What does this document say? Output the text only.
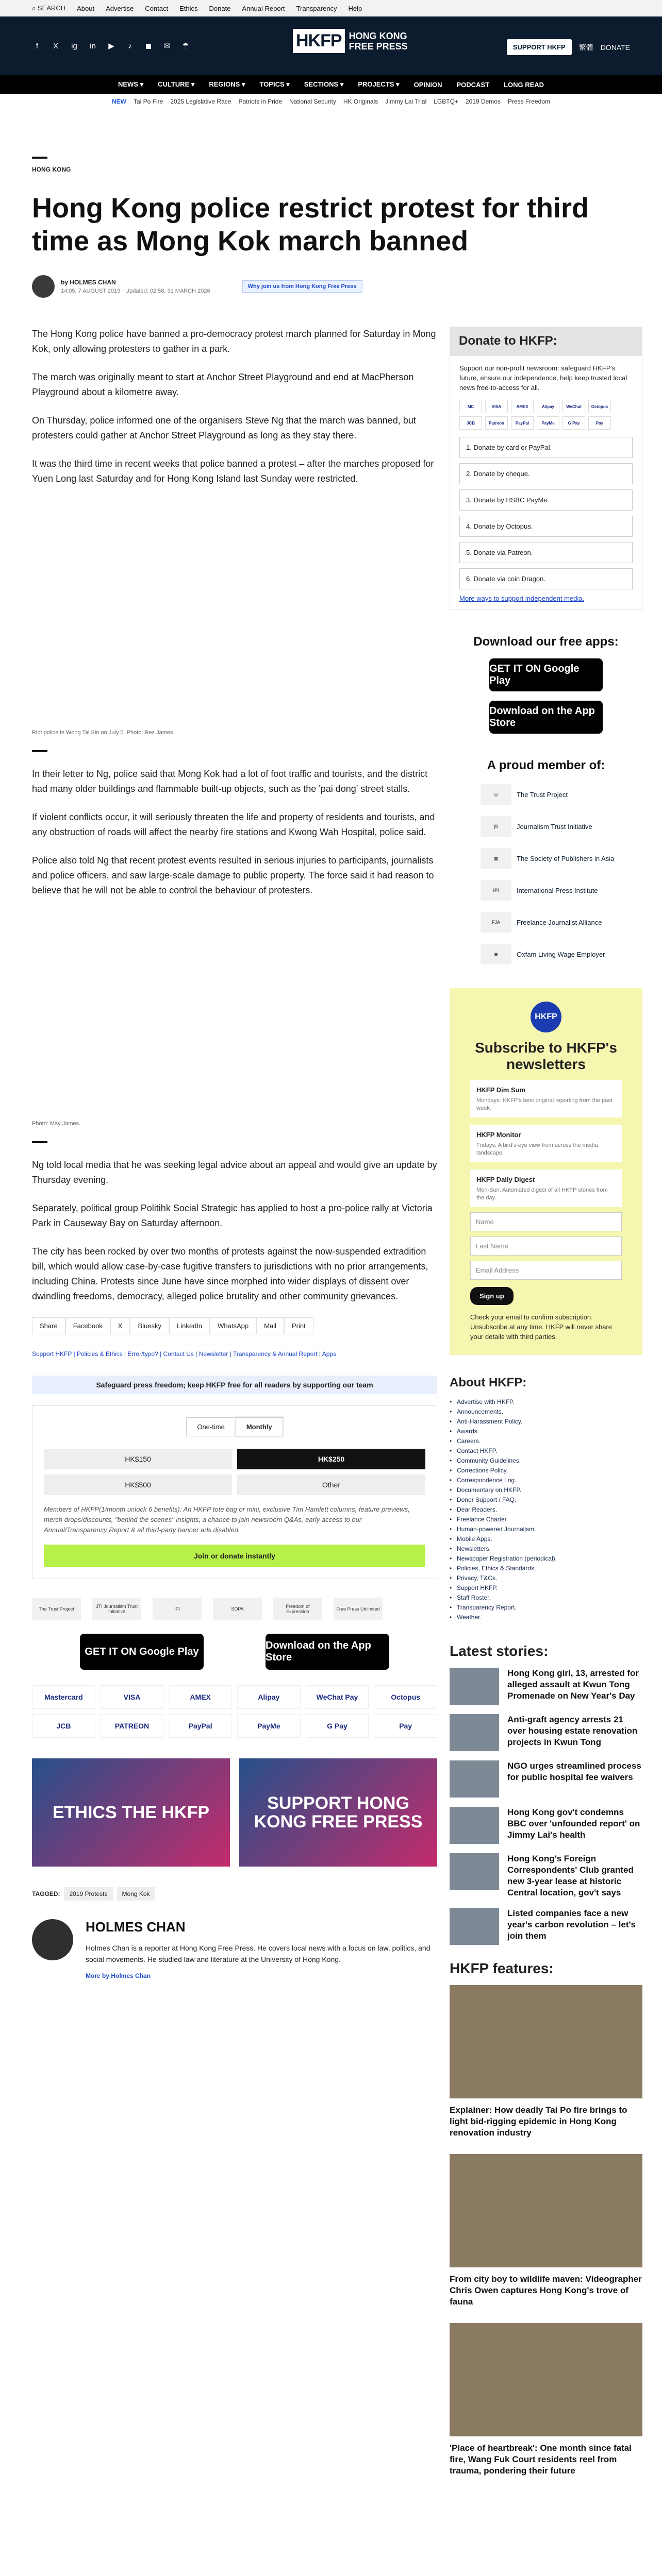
⌕ SEARCH About Advertise Contact Ethics Donate Annual Report Transparency Help
f	X	ig in ▶	♪	◼ ✉ ☂	HKFP HONG KONG
FREE PRESS	SUPPORT HKFP	繁體 DONATE
NEWS ▾ CULTURE ▾ REGIONS ▾ TOPICS ▾ SECTIONS ▾ PROJECTS ▾ OPINION PODCAST LONG READ
NEW Tai Po Fire 2025 Legislative Race Patriots in Pride National Security HK Originals Jimmy Lai Trial LGBTQ+ 2019 Demos Press Freedom
HONG KONG
Hong Kong police restrict protest for third time as Mong Kok march banned
by HOLMES CHAN
14:05, 7 AUGUST 2019 · Updated: 02:58, 31 MARCH 2026
Why join us from Hong Kong Free Press

The Hong Kong police have banned a pro-democracy protest march planned for Saturday in Mong Kok, only allowing protesters to gather in a park.

The march was originally meant to start at Anchor Street Playground and end at MacPherson Playground about a kilometre away.

On Thursday, police informed one of the organisers Steve Ng that the march was banned, but protesters could gather at Anchor Street Playground as long as they stay there.

It was the third time in recent weeks that police banned a protest – after the marches proposed for Yuen Long last Saturday and for Hong Kong Island last Sunday were restricted.

Riot police in Wong Tai Sin on July 5. Photo: Rez James.

In their letter to Ng, police said that Mong Kok had a lot of foot traffic and tourists, and the district had many older buildings and flammable built-up objects, such as the 'pai dong' street stalls.

If violent conflicts occur, it will seriously threaten the life and property of residents and tourists, and any obstruction of roads will affect the nearby fire stations and Kwong Wah Hospital, police said.

Police also told Ng that recent protest events resulted in serious injuries to participants, journalists and police officers, and saw large-scale damage to public property. The force said it had reason to believe that he will not be able to control the behaviour of protesters.

Photo: May James.

Ng told local media that he was seeking legal advice about an appeal and would give an update by Thursday evening.

Separately, political group Politihk Social Strategic has applied to host a pro-police rally at Victoria Park in Causeway Bay on Saturday afternoon.

The city has been rocked by over two months of protests against the now-suspended extradition bill, which would allow case-by-case fugitive transfers to jurisdictions with no prior arrangements, including China. Protests since June have since morphed into wider displays of dissent over dwindling freedoms, democracy, alleged police brutality and other community grievances.

Share	Facebook	X	Bluesky	LinkedIn	WhatsApp	Mail	Print
Support HKFP | Policies & Ethics | Error/typo? | Contact Us | Newsletter | Transparency & Annual Report | Apps
Safeguard press freedom; keep HKFP free for all readers by supporting our team
One-time	Monthly
HK$150	HK$250
HK$500	Other
Members of HKFP(1/month unlock 6 benefits): An HKFP tote bag or mini, exclusive Tim Hamlett columns, feature previews, merch drops/discounts, "behind the scenes" insights, a chance to join newsroom Q&As, early access to our Annual/Transparency Report & all third-party banner ads disabled.
Join or donate instantly
The Trust Project	JTI Journalism Trust Initiative	IPI	SOPA	Freedom of Expression	Free Press Unlimited
GET IT ON Google Play
Download on the App Store
Mastercard	VISA	AMEX	Alipay	WeChat Pay	Octopus
JCB	PATREON	PayPal	PayMe	G Pay	Pay
ETHICS THE HKFP	SUPPORT HONG KONG FREE PRESS
TAGGED:	2019 Protests	Mong Kok
HOLMES CHAN

Holmes Chan is a reporter at Hong Kong Free Press. He covers local news with a focus on law, politics, and social movements. He studied law and literature at the University of Hong Kong.

More by Holmes Chan
Donate to HKFP:
Support our non-profit newsroom: safeguard HKFP's future, ensure our independence, help keep trusted local news free-to-access for all.
MC	VISA	AMEX	Alipay	WeChat	Octopus
JCB	Patreon	PayPal	PayMe	G Pay	Pay
1. Donate by card or PayPal.
2. Donate by cheque.
3. Donate by HSBC PayMe.
4. Donate by Octopus.
5. Donate via Patreon.
6. Donate via coin Dragon.
More ways to support independent media.
Download our free apps:
GET IT ON Google Play
Download on the App Store
A proud member of:
◎	The Trust Project
jti	Journalism Trust Initiative
▦	The Society of Publishers in Asia
IPI	International Press Institute
FJA	Freelance Journalist Alliance
◉	Oxfam Living Wage Employer
HKFP
Subscribe to HKFP's newsletters
HKFP Dim Sum
Mondays: HKFP's best original reporting from the past week.
HKFP Monitor
Fridays: A bird's-eye view from across the media landscape.
HKFP Daily Digest
Mon-Sun: Automated digest of all HKFP stories from the day.
Name
Last Name
Email Address
Sign up
Check your email to confirm subscription. Unsubscribe at any time. HKFP will never share your details with third parties.
About HKFP:
• Advertise with HKFP.
• Announcements.
• Anti-Harassment Policy.
• Awards.
• Careers.
• Contact HKFP.
• Community Guidelines.
• Corrections Policy.
• Correspondence Log.
• Documentary on HKFP.
• Donor Support / FAQ.
• Dear Readers.
• Freelance Charter.
• Human-powered Journalism.
• Mobile Apps.
• Newsletters.
• Newspaper Registration (periodical).
• Policies, Ethics & Standards.
• Privacy, T&Cs.
• Support HKFP.
• Staff Roster.
• Transparency Report.
• Weather.
Latest stories:
Hong Kong girl, 13, arrested for alleged assault at Kwun Tong Promenade on New Year's Day
Anti-graft agency arrests 21 over housing estate renovation projects in Kwun Tong
NGO urges streamlined process for public hospital fee waivers
Hong Kong gov't condemns BBC over 'unfounded report' on Jimmy Lai's health
Hong Kong's Foreign Correspondents' Club granted new 3-year lease at historic Central location, gov't says
Listed companies face a new year's carbon revolution – let's join them
HKFP features:
Explainer: How deadly Tai Po fire brings to light bid-rigging epidemic in Hong Kong renovation industry
From city boy to wildlife maven: Videographer Chris Owen captures Hong Kong's trove of fauna
'Place of heartbreak': One month since fatal fire, Wang Fuk Court residents reel from trauma, pondering their future
